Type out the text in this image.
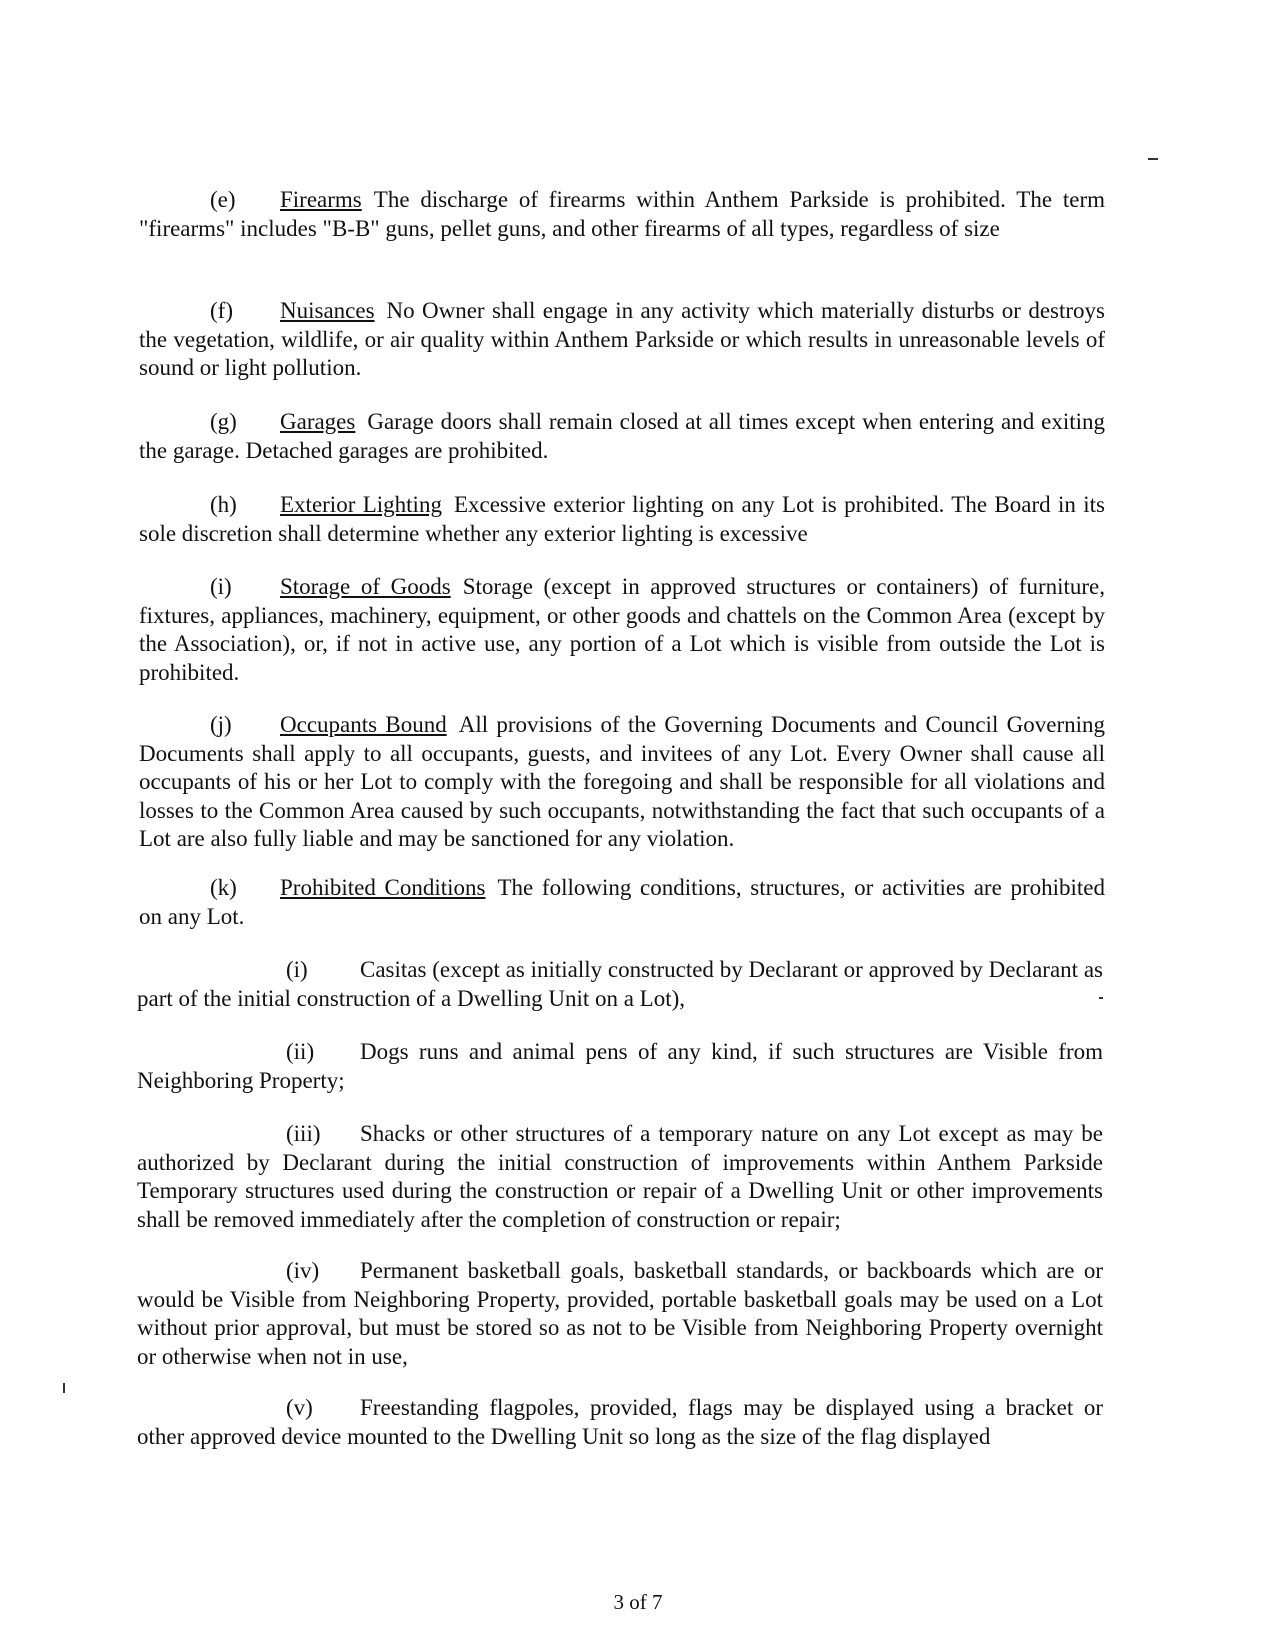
(e) Firearms The discharge of firearms within Anthem Parkside is prohibited. The term "firearms" includes "B-B" guns, pellet guns, and other firearms of all types, regardless of size

(f) Nuisances No Owner shall engage in any activity which materially disturbs or destroys the vegetation, wildlife, or air quality within Anthem Parkside or which results in unreasonable levels of sound or light pollution.

(g) Garages Garage doors shall remain closed at all times except when entering and exiting the garage. Detached garages are prohibited.

(h) Exterior Lighting Excessive exterior lighting on any Lot is prohibited. The Board in its sole discretion shall determine whether any exterior lighting is excessive

(i) Storage of Goods Storage (except in approved structures or containers) of furniture, fixtures, appliances, machinery, equipment, or other goods and chattels on the Common Area (except by the Association), or, if not in active use, any portion of a Lot which is visible from outside the Lot is prohibited.

(j) Occupants Bound All provisions of the Governing Documents and Council Governing Documents shall apply to all occupants, guests, and invitees of any Lot. Every Owner shall cause all occupants of his or her Lot to comply with the foregoing and shall be responsible for all violations and losses to the Common Area caused by such occupants, notwithstanding the fact that such occupants of a Lot are also fully liable and may be sanctioned for any violation.

(k) Prohibited Conditions The following conditions, structures, or activities are prohibited on any Lot.

(i) Casitas (except as initially constructed by Declarant or approved by Declarant as part of the initial construction of a Dwelling Unit on a Lot),

(ii) Dogs runs and animal pens of any kind, if such structures are Visible from Neighboring Property;

(iii) Shacks or other structures of a temporary nature on any Lot except as may be authorized by Declarant during the initial construction of improvements within Anthem Parkside Temporary structures used during the construction or repair of a Dwelling Unit or other improvements shall be removed immediately after the completion of construction or repair;

(iv) Permanent basketball goals, basketball standards, or backboards which are or would be Visible from Neighboring Property, provided, portable basketball goals may be used on a Lot without prior approval, but must be stored so as not to be Visible from Neighboring Property overnight or otherwise when not in use,

(v) Freestanding flagpoles, provided, flags may be displayed using a bracket or other approved device mounted to the Dwelling Unit so long as the size of the flag displayed

3 of 7
